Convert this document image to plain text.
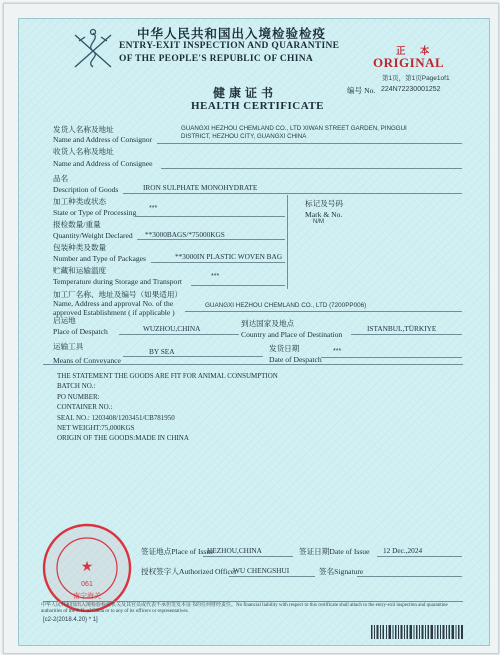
中华人民共和国出入境检验检疫
ENTRY-EXIT INSPECTION AND QUARANTINE
OF THE PEOPLE'S REPUBLIC OF CHINA
正 本
ORIGINAL
第1页，第1页Page1of1
编号 No. 224N72230001252
健康证书
HEALTH CERTIFICATE
发货人名称及地址
Name and Address of Consignor
GUANGXI HEZHOU CHEMLAND CO., LTD XIWAN STREET GARDEN, PINGGUI
DISTRICT, HEZHOU CITY, GUANGXI CHINA
收货人名称及地址
Name and Address of Consignee
品名
Description of Goods	IRON SULPHATE MONOHYDRATE
加工种类或状态
State or Type of Processing ***
标记及号码
Mark & No.
N/M
报检数量/重量
Quantity/Weight Declared **3000BAGS/*75000KGS
包装种类及数量
Number and Type of Packages	**3000IN PLASTIC WOVEN BAG
贮藏和运输温度
Temperature during Storage and Transport
***
加工厂名称、地址及编号（如果适用）
Name, Address and approval No. of the
approved Establishment ( if applicable )
GUANGXI HEZHOU CHEMLAND CO., LTD (7200PP006)
启运地
Place of Despatch	WUZHOU,CHINA
到达国家及地点
Country and Place of Destination
ISTANBUL,TÜRKIYE
运输工具
Means of Conveyance
BY SEA	发货日期
Date of Despatch
***
THE STATEMENT THE GOODS ARE FIT FOR ANIMAL CONSUMPTION
BATCH NO.:
PO NUMBER:
CONTAINER NO.:
SEAL NO.: 1203408/1203451/CB781950
NET WEIGHT:75,000KGS
ORIGIN OF THE GOODS:MADE IN CHINA
★
061
南宁海关
签证地点Place of Issue
HEZHOU,CHINA	签证日期Date of Issue 12 Dec.,2024
授权签字人Authorized Officer
WU CHENGSHUI	签名Signature
中华人民共和国出入境检验检疫机关及其官员或代表不承担签发本证书的任何财经责任。No financial liability with respect to this certificate shall attach to the entry-exit inspection and quarantine authorities of the P. R. of China or to any of its officers or representatives.
[c2-2(2018.4.20) * 1]
